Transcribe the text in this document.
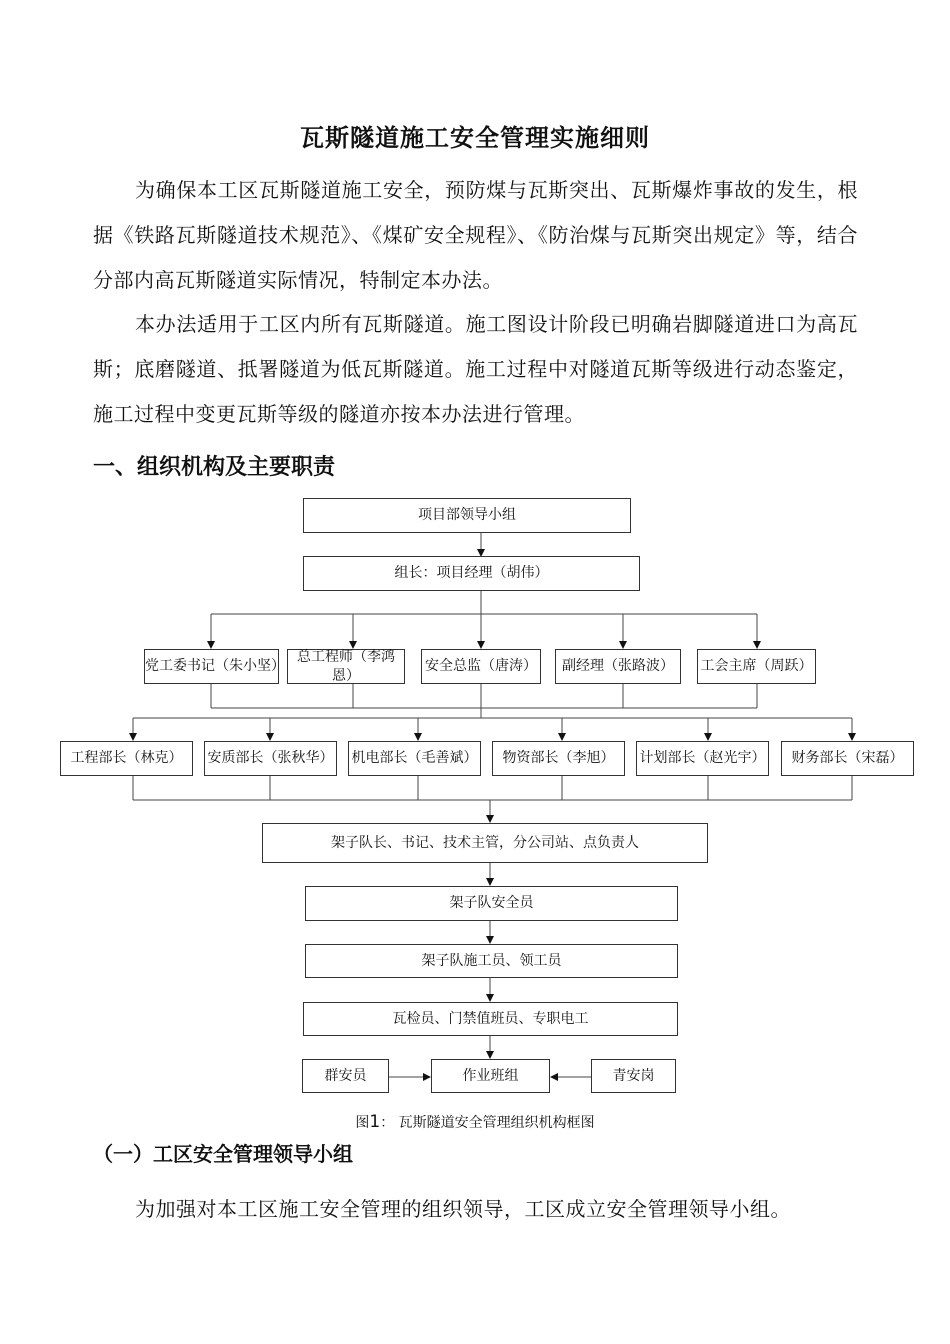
瓦斯隧道施工安全管理实施细则

为确保本工区瓦斯隧道施工安全，预防煤与瓦斯突出、瓦斯爆炸事故的发生，根据《铁路瓦斯隧道技术规范》、《煤矿安全规程》、《防治煤与瓦斯突出规定》等，结合分部内高瓦斯隧道实际情况，特制定本办法。

本办法适用于工区内所有瓦斯隧道。施工图设计阶段已明确岩脚隧道进口为高瓦斯；底磨隧道、抵署隧道为低瓦斯隧道。施工过程中对隧道瓦斯等级进行动态鉴定，施工过程中变更瓦斯等级的隧道亦按本办法进行管理。

一、组织机构及主要职责
项目部领导小组
组长：项目经理（胡伟）
党工委书记（朱小坚）
总工程师（李鸿恩）
安全总监（唐涛） 副经理（张路波） 工会主席（周跃）
工程部长（林克） 安质部长（张秋华） 机电部长（毛善斌） 物资部长（李旭） 计划部长（赵光宇） 财务部长（宋磊）
架子队长、书记、技术主管，分公司站、点负责人
架子队安全员
架子队施工员、领工员
瓦检员、门禁值班员、专职电工
群安员	作业班组	青安岗
图1： 瓦斯隧道安全管理组织机构框图
（一）工区安全管理领导小组

为加强对本工区施工安全管理的组织领导，工区成立安全管理领导小组。
